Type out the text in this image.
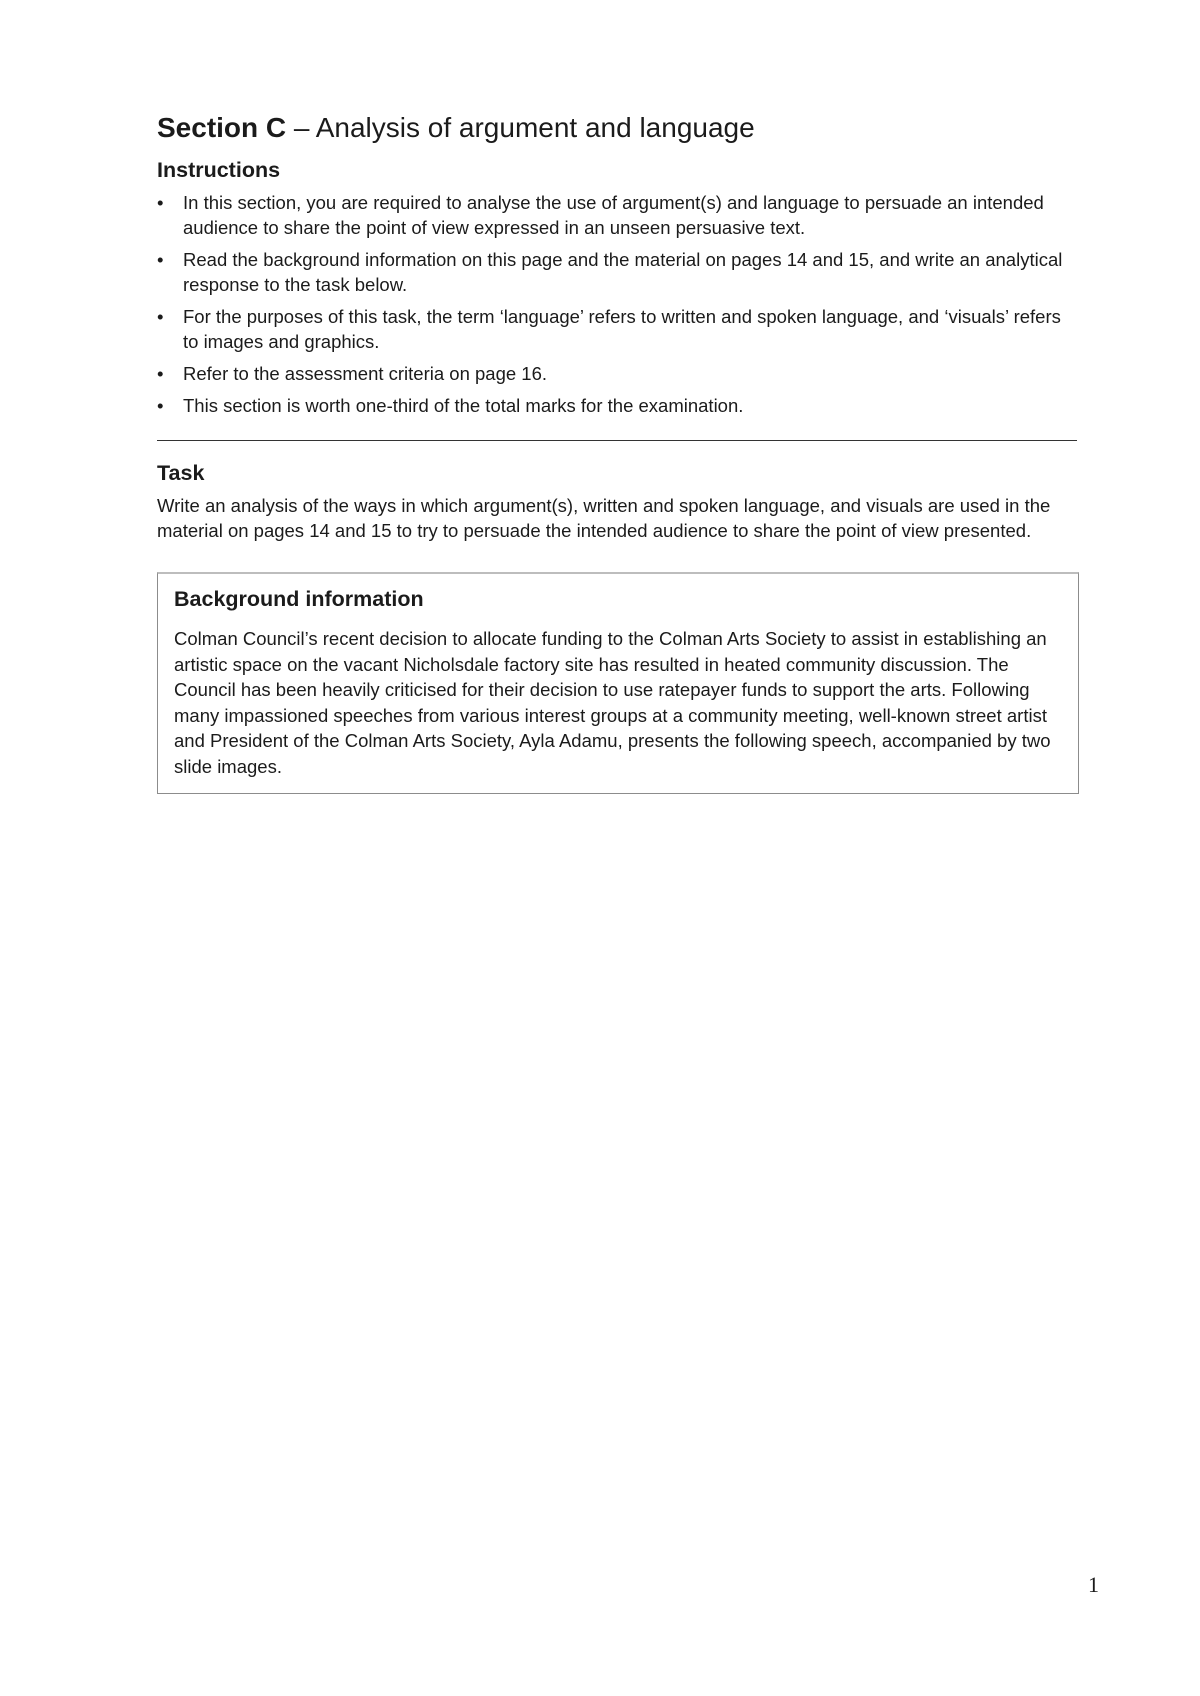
Section C – Analysis of argument and language
Instructions
•	In this section, you are required to analyse the use of argument(s) and language to persuade an intended audience to share the point of view expressed in an unseen persuasive text.
•	Read the background information on this page and the material on pages 14 and 15, and write an analytical response to the task below.
•	For the purposes of this task, the term ‘language’ refers to written and spoken language, and ‘visuals’ refers to images and graphics.
•	Refer to the assessment criteria on page 16.
•	This section is worth one-third of the total marks for the examination.
Task

Write an analysis of the ways in which argument(s), written and spoken language, and visuals are used in the material on pages 14 and 15 to try to persuade the intended audience to share the point of view presented.

Background information

Colman Council’s recent decision to allocate funding to the Colman Arts Society to assist in establishing an artistic space on the vacant Nicholsdale factory site has resulted in heated community discussion. The Council has been heavily criticised for their decision to use ratepayer funds to support the arts. Following many impassioned speeches from various interest groups at a community meeting, well-known street artist and President of the Colman Arts Society, Ayla Adamu, presents the following speech, accompanied by two slide images.

1
